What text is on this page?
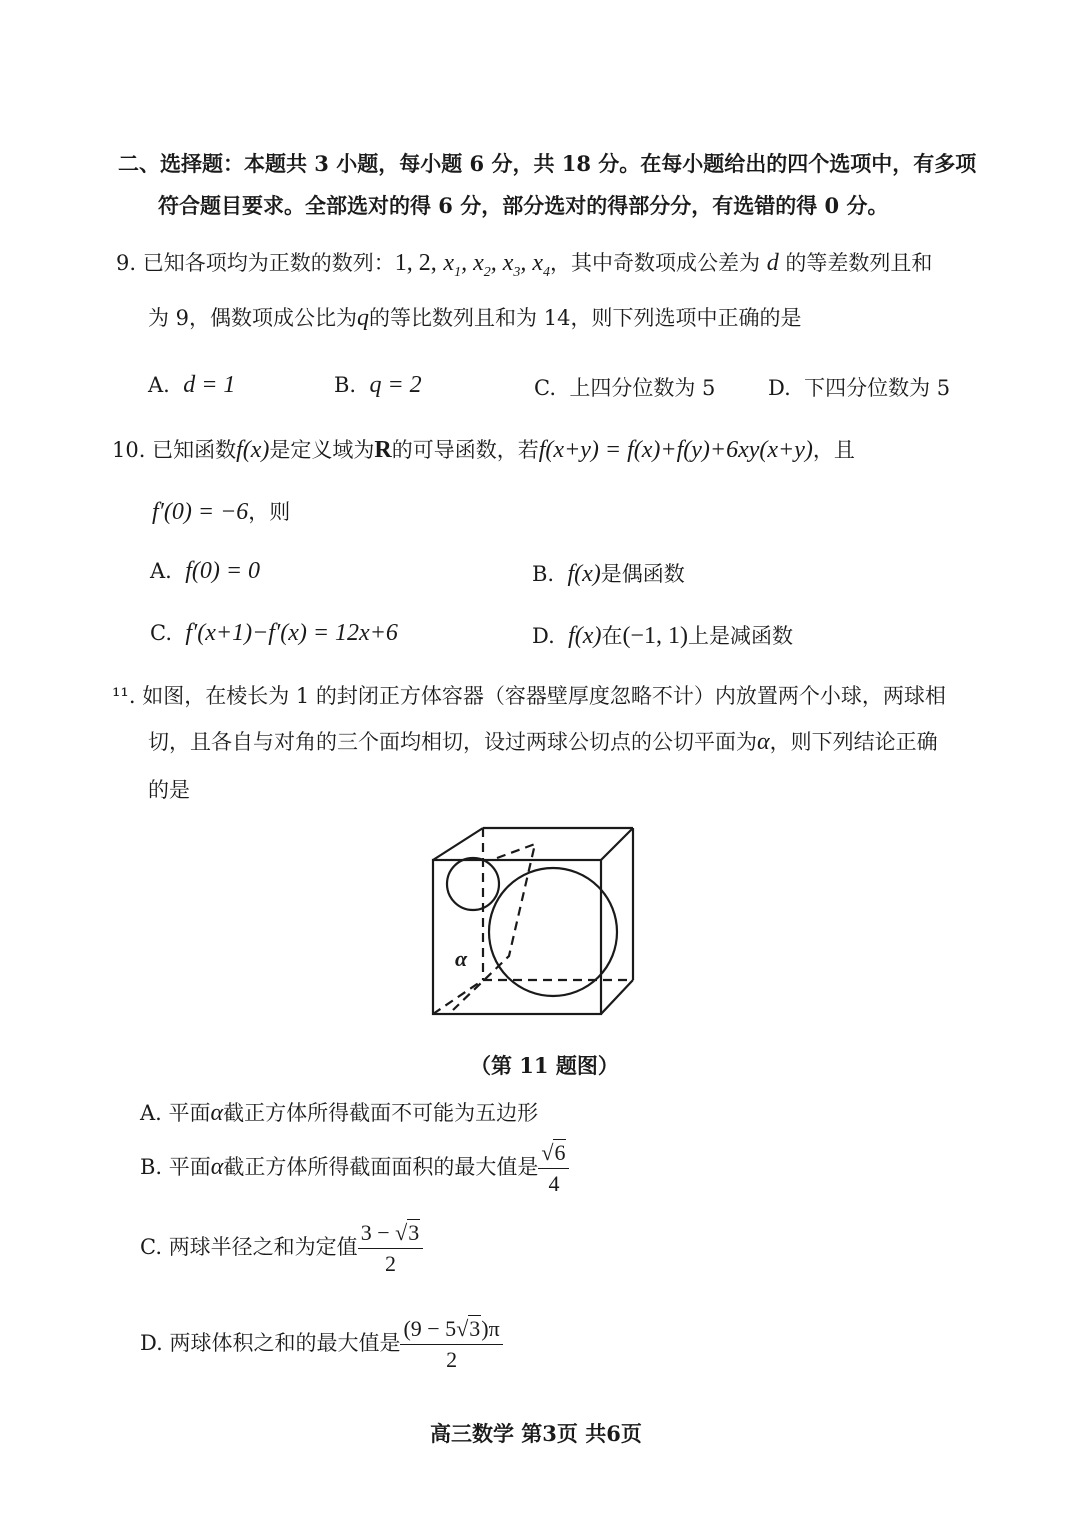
二、选择题：本题共 3 小题，每小题 6 分，共 18 分。在每小题给出的四个选项中，有多项
符合题目要求。全部选对的得 6 分，部分选对的得部分分，有选错的得 0 分。
9. 已知各项均为正数的数列：1, 2, $x_1$, $x_2$, $x_3$, $x_4$，其中奇数项成公差为 d 的等差数列且和
为 9，偶数项成公比为q的等比数列且和为 14，则下列选项中正确的是
A. d = 1	B. q = 2	C. 上四分位数为 5	D. 下四分位数为 5
10. 已知函数f(x)是定义域为R的可导函数，若f(x+y) = f(x)+f(y)+6xy(x+y)，且
f′(0) = −6，则
A. f(0) = 0	B. f(x)是偶函数
C. f′(x+1)−f′(x) = 12x+6	D. f(x)在(−1, 1)上是减函数
¹¹. 如图，在棱长为 1 的封闭正方体容器（容器壁厚度忽略不计）内放置两个小球，两球相
切，且各自与对角的三个面均相切，设过两球公切点的公切平面为α，则下列结论正确
的是
α
（第 11 题图）
A. 平面α截正方体所得截面不可能为五边形
B. 平面α截正方体所得截面面积的最大值是 $\frac{√6}{4}$
C. 两球半径之和为定值 $\frac{3 - √3}{2}$
D. 两球体积之和的最大值是 $\frac{(9 - 5√3)\pi}{2}$
高三数学 第3页 共6页
